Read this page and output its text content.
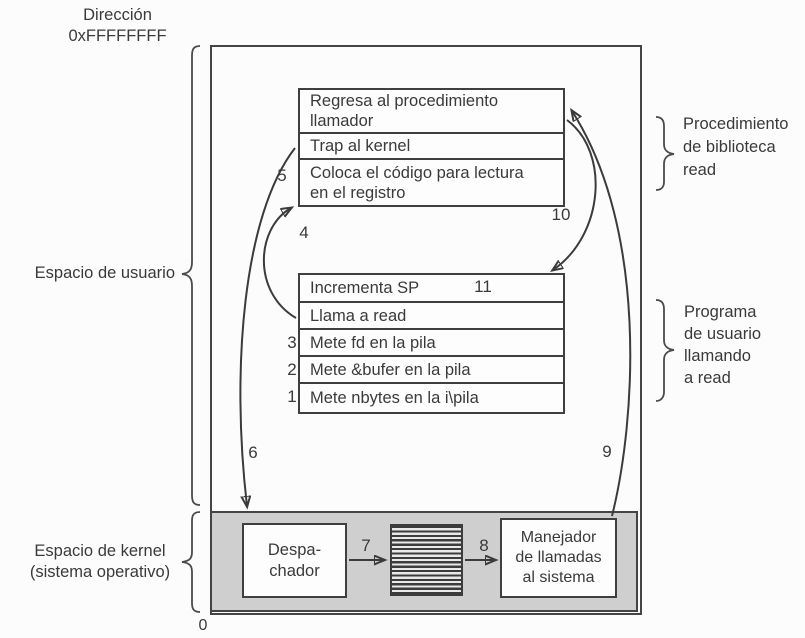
Regresa al procedimiento llamador
Trap al kernel
Coloca el código para lectura en el registro
Incrementa SP
Llama a read
Mete fd en la pila
Mete &bufer en la pila
Mete nbytes en la i\pila
Despa-
chador
Manejador
de llamadas
al sistema
Dirección
0xFFFFFFFF
Espacio de usuario
Espacio de kernel
(sistema operativo)
0
Procedimiento
de biblioteca
read
Programa
de usuario
llamando
a read
1
2
3
4
5
6
7	8
9
10
11
